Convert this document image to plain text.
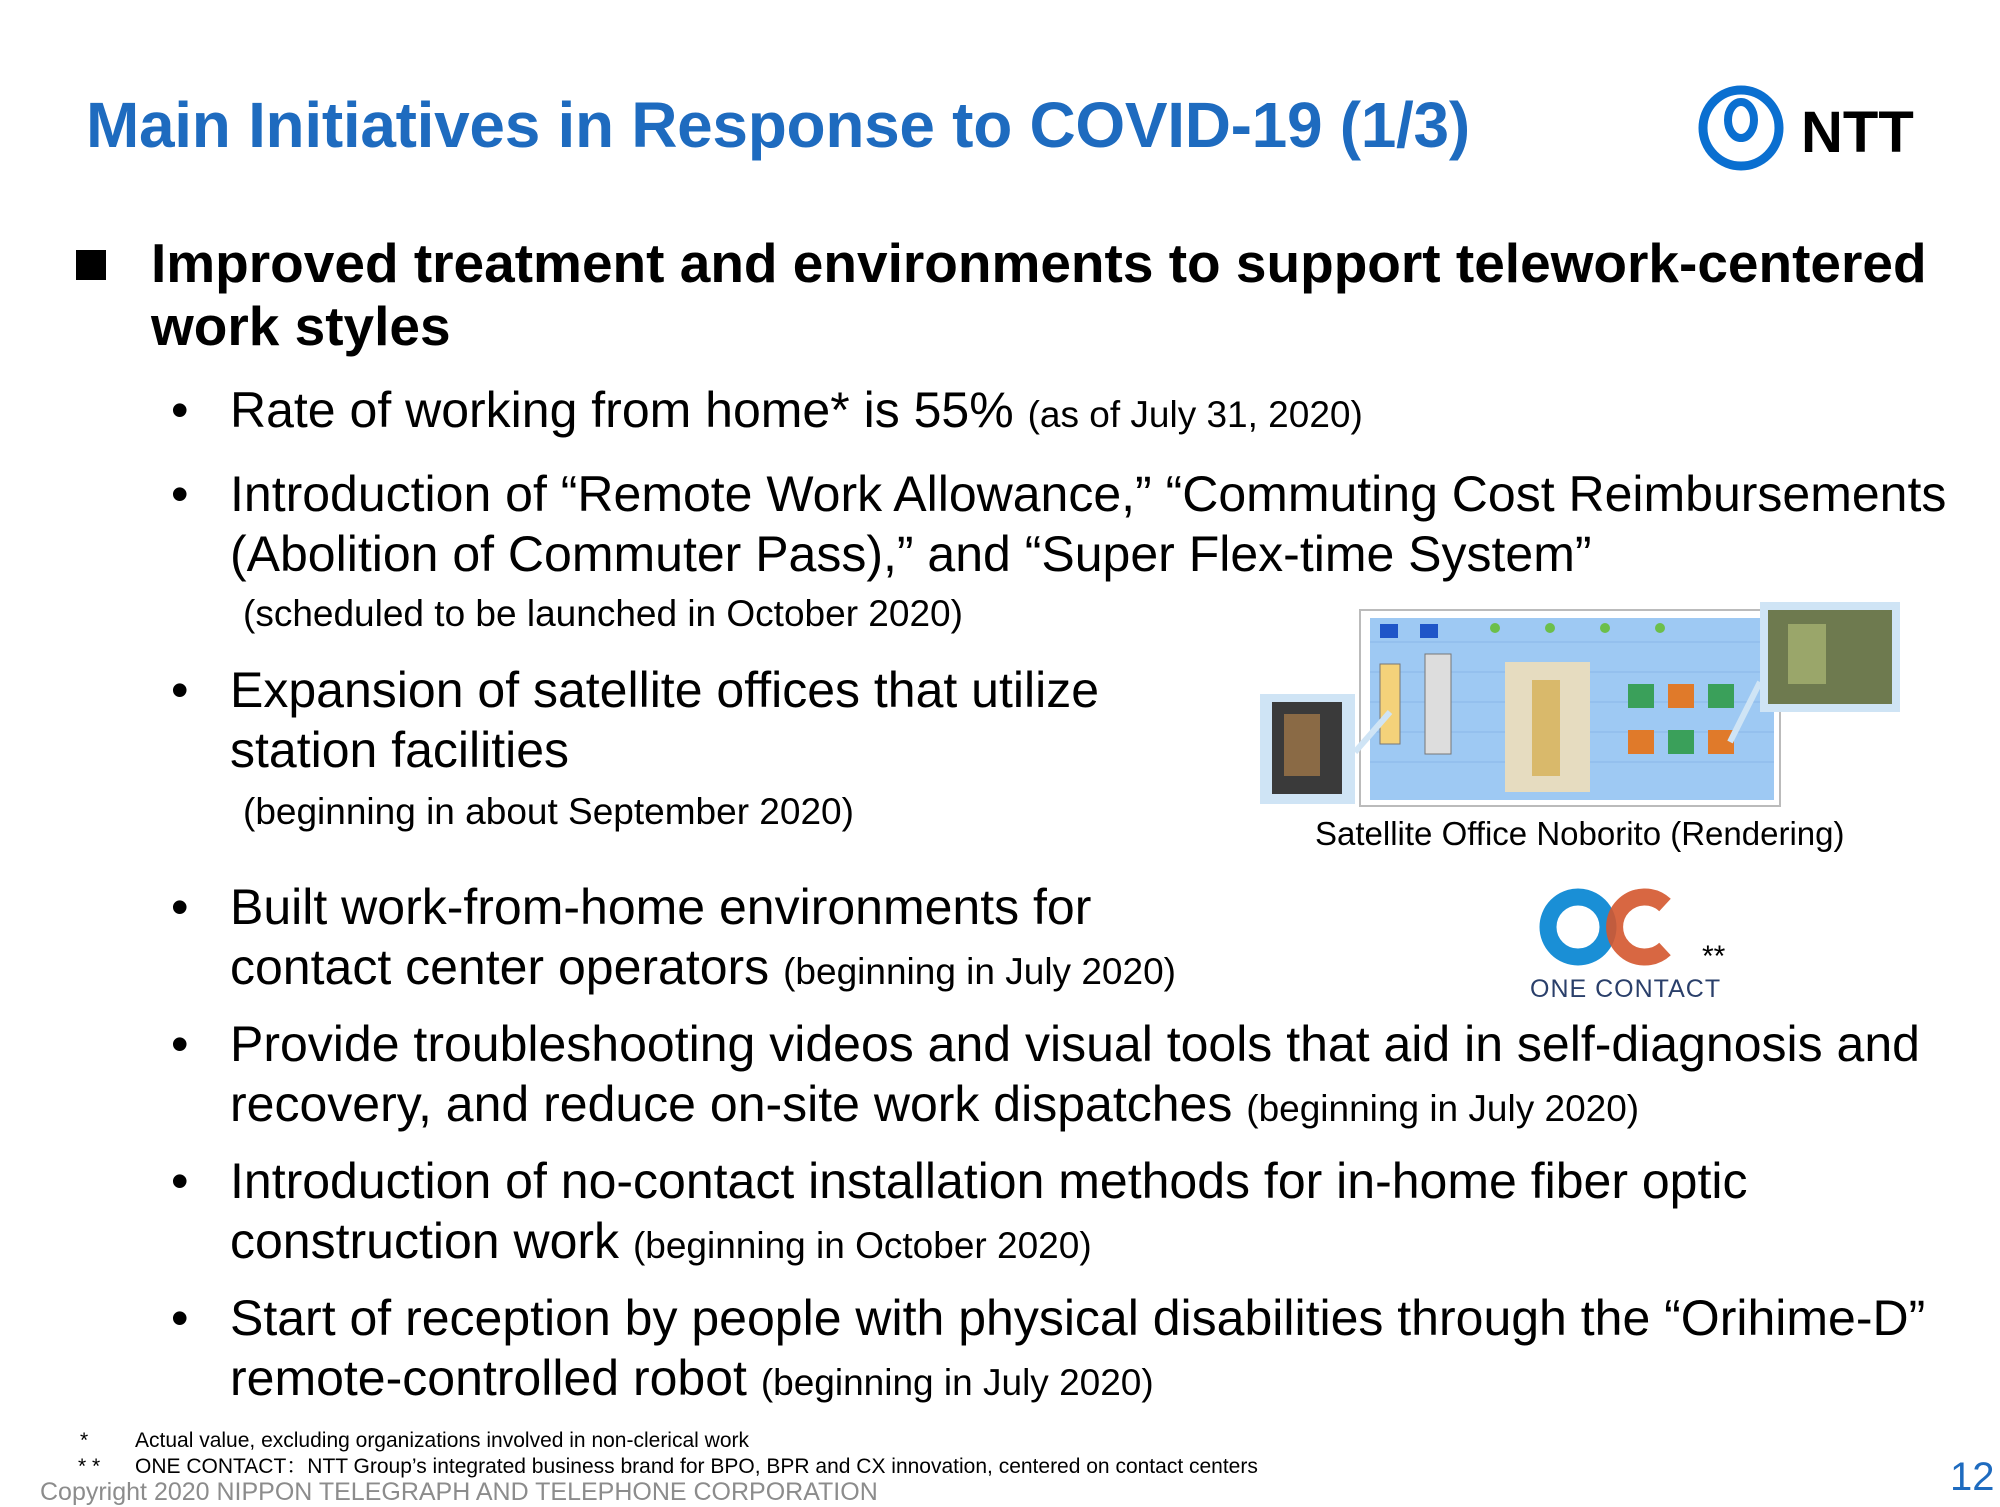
Main Initiatives in Response to COVID-19 (1/3)	NTT
Improved treatment and environments to support telework-centered work styles
• Rate of working from home* is 55% (as of July 31, 2020)
• Introduction of “Remote Work Allowance,” “Commuting Cost Reimbursements (Abolition of Commuter Pass),” and “Super Flex-time System”
(scheduled to be launched in October 2020)
• Expansion of satellite offices that utilize station facilities
(beginning in about September 2020)
Satellite Office Noborito (Rendering)
• Built work-from-home environments for contact center operators (beginning in July 2020)	ONE CONTACT
**
• Provide troubleshooting videos and visual tools that aid in self-diagnosis and recovery, and reduce on-site work dispatches (beginning in July 2020)
• Introduction of no-contact installation methods for in-home fiber optic construction work (beginning in October 2020)
• Start of reception by people with physical disabilities through the “Orihime-D” remote-controlled robot (beginning in July 2020)
* Actual value, excluding organizations involved in non-clerical work
* * ONE CONTACT：NTT Group’s integrated business brand for BPO, BPR and CX innovation, centered on contact centers
Copyright 2020 NIPPON TELEGRAPH AND TELEPHONE CORPORATION	12
